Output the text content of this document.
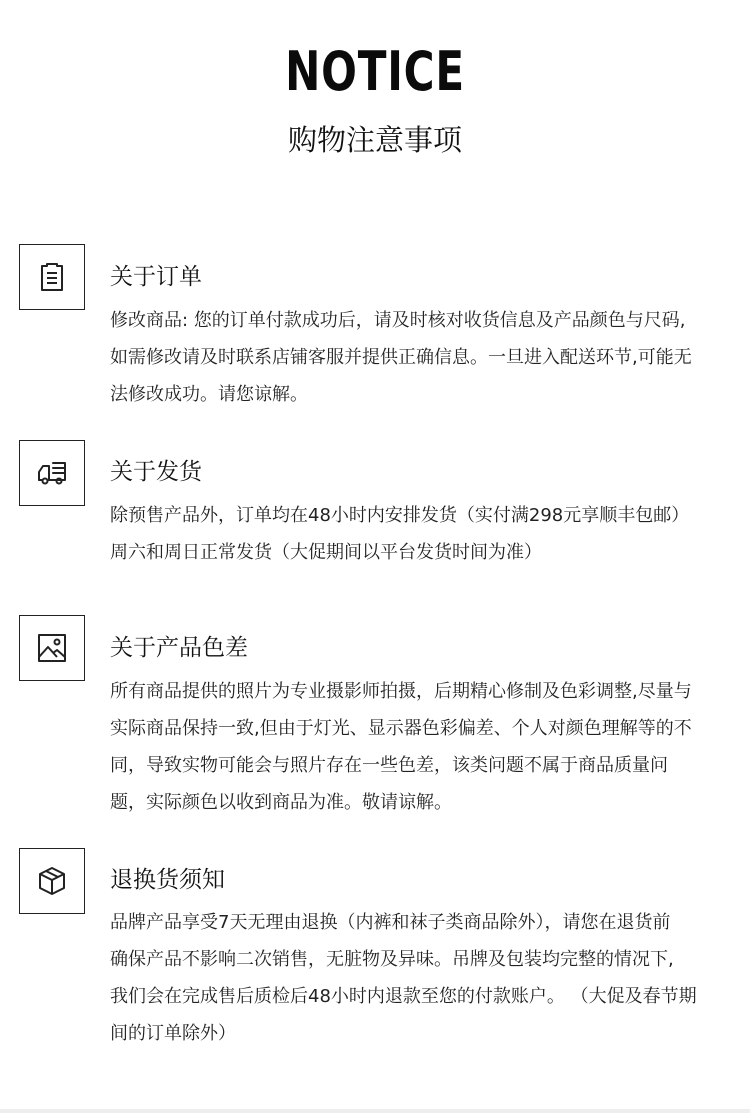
NOTICE
购物注意事项
关于订单
修改商品: 您的订单付款成功后，请及时核对收货信息及产品颜色与尺码,
如需修改请及时联系店铺客服并提供正确信息。一旦进入配送环节,可能无
法修改成功。请您谅解。
关于发货
除预售产品外，订单均在48小时内安排发货（实付满298元享顺丰包邮）
周六和周日正常发货（大促期间以平台发货时间为准）
关于产品色差
所有商品提供的照片为专业摄影师拍摄，后期精心修制及色彩调整,尽量与
实际商品保持一致,但由于灯光、显示器色彩偏差、个人对颜色理解等的不
同，导致实物可能会与照片存在一些色差，该类问题不属于商品质量问
题，实际颜色以收到商品为准。敬请谅解。
退换货须知
品牌产品享受7天无理由退换（内裤和袜子类商品除外），请您在退货前
确保产品不影响二次销售，无脏物及异味。吊牌及包装均完整的情况下,
我们会在完成售后质检后48小时内退款至您的付款账户。 （大促及春节期
间的订单除外）
